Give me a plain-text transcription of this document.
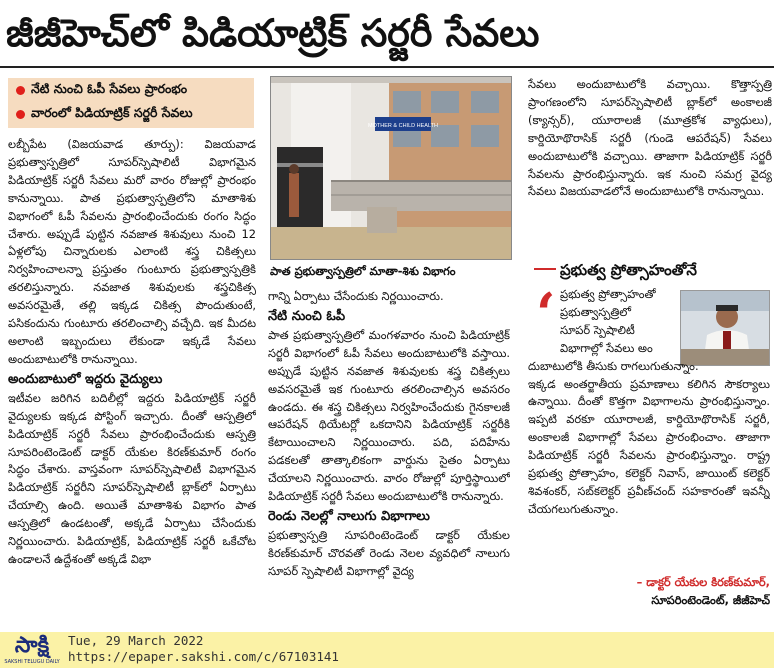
జీజీహెచ్‌లో పిడియాట్రిక్ సర్జరీ సేవలు
నేటి నుంచి ఓపీ సేవలు ప్రారంభం
వారంలో పిడియాట్రిక్ సర్జరీ సేవలు

లబ్బీపేట (విజయవాడ తూర్పు): విజయవాడ ప్రభుత్వాస్పత్రిలో సూపర్‌స్పెషాలిటీ విభాగమైన పిడియాట్రిక్ సర్జరీ సేవలు మరో వారం రోజుల్లో ప్రారంభం కానున్నాయి. పాత ప్రభుత్వాస్పత్రిలోని మాతాశిశు విభాగంలో ఓపీ సేవలను ప్రారంభించేందుకు రంగం సిద్ధం చేశారు. అప్పుడే పుట్టిన నవజాత శిశువులు నుంచి 12 ఏళ్లలోపు చిన్నారులకు ఎలాంటి శస్త్ర చికిత్సలు నిర్వహించాలన్నా ప్రస్తుతం గుంటూరు ప్రభుత్వాస్పత్రికి తరలిస్తున్నారు. నవజాత శిశువులకు శస్త్రచికిత్స అవసరమైతే, తల్లి ఇక్కడ చికిత్స పొందుతుంటే, పసికందును గుంటూరు తరలించాల్సి వచ్చేది. ఇక మీదట అలాంటి ఇబ్బందులు లేకుండా ఇక్కడే సేవలు అందుబాటులోకి రానున్నాయి.

అందుబాటులో ఇద్దరు వైద్యులు

ఇటీవల జరిగిన బదిలీల్లో ఇద్దరు పిడియాట్రిక్ సర్జరీ వైద్యులకు ఇక్కడ పోస్టింగ్ ఇచ్చారు. దీంతో ఆస్పత్రిలో పిడియాట్రిక్ సర్జరీ సేవలు ప్రారంభించేందుకు ఆస్పత్రి సూపరింటెండెంట్ డాక్టర్ యేకుల కిరణ్‌కుమార్ రంగం సిద్ధం చేశారు. వాస్తవంగా సూపర్‌స్పెషాలిటీ విభాగమైన పిడియాట్రిక్ సర్జరీని సూపర్‌స్పెషాలిటీ బ్లాక్‌లో ఏర్పాటు చేయాల్సి ఉంది. అయితే మాతాశిశు విభాగం పాత ఆస్పత్రిలో ఉండటంతో, అక్కడే ఏర్పాటు చేసేందుకు నిర్ణయించారు. పిడియాట్రిక్, పిడియాట్రిక్ సర్జరీ ఒకేచోట ఉండాలనే ఉద్దేశంతో అక్కడే విభా

MOTHER & CHILD HEALTH
పాత ప్రభుత్వాస్పత్రిలో మాతా-శిశు విభాగం

గాన్ని ఏర్పాటు చేసేందుకు నిర్ణయించారు.

నేటి నుంచి ఓపీ

పాత ప్రభుత్వాస్పత్రిలో మంగళవారం నుంచి పిడియాట్రిక్ సర్జరీ విభాగంలో ఓపీ సేవలు అందుబాటులోకి వస్తాయి. అప్పుడే పుట్టిన నవజాత శిశువులకు శస్త్ర చికిత్సలు అవసరమైతే ఇక గుంటూరు తరలించాల్సిన అవసరం ఉండదు. ఈ శస్త్ర చికిత్సలు నిర్వహించేందుకు గైనకాలజీ ఆపరేషన్ థియేటర్లో ఒకదానిని పిడియాట్రిక్ సర్జరీకి కేటాయించాలని నిర్ణయించారు. పది, పదిహేను పడకలతో తాత్కాలికంగా వార్డును సైతం ఏర్పాటు చేయాలని నిర్ణయించారు. వారం రోజుల్లో పూర్తిస్థాయిలో పిడియాట్రిక్ సర్జరీ సేవలు అందుబాటులోకి రానున్నారు.

రెండు నెలల్లో నాలుగు విభాగాలు

ప్రభుత్వాస్పత్రి సూపరింటెండెంట్ డాక్టర్ యేకుల కిరణ్‌కుమార్ చొరవతో రెండు నెలల వ్యవధిలో నాలుగు సూపర్ స్పెషాలిటీ విభాగాల్లో వైద్య

సేవలు అందుబాటులోకి వచ్చాయి. కొత్తాస్పత్రి ప్రాంగణంలోని సూపర్‌స్పెషాలిటీ బ్లాక్‌లో అంకాలజీ (క్యాన్సర్), యూరాలజీ (మూత్రకోశ వ్యాధులు), కార్డియోథొరాసిక్ సర్జరీ (గుండె ఆపరేషన్) సేవలు అందుబాటులోకి వచ్చాయి. తాజాగా పిడియాట్రిక్ సర్జరీ సేవలను ప్రారంభిస్తున్నారు. ఇక నుంచి సమగ్ర వైద్య సేవలు విజయవాడలోనే అందుబాటులోకి రానున్నాయి.

ప్రభుత్వ ప్రోత్సాహంతోనే
‘ ప్రభుత్వ ప్రోత్సాహంతో
ప్రభుత్వాస్పత్రిలో
సూపర్ స్పెషాలిటీ
విభాగాల్లో సేవలు అం
దుబాటులోకి తీసుకు రాగలుగుతున్నాం.
ఇక్కడ అంతర్జాతీయ ప్రమాణాలు కలిగిన సౌకర్యాలు ఉన్నాయి. దీంతో కొత్తగా విభాగాలను ప్రారంభిస్తున్నాం. ఇప్పటి వరకూ యూరాలజీ, కార్డియోథొరాసిక్ సర్జరీ, అంకాలజీ విభాగాల్లో సేవలు ప్రారంభించాం. తాజాగా పిడియాట్రిక్ సర్జరీ సేవలను ప్రారంభిస్తున్నాం. రాష్ట్ర ప్రభుత్వ ప్రోత్సాహం, కలెక్టర్ నివాస్, జాయింట్ కలెక్టర్ శివశంకర్, సబ్‌కలెక్టర్ ప్రవీణ్‌చంద్ సహకారంతో ఇవన్నీ చేయగలుగుతున్నాం.
– డాక్టర్ యేకుల కిరణ్‌కుమార్,
సూపరింటెండెంట్, జీజీహెచ్
సాక్షి
SAKSHI TELUGU DAILY
Tue, 29 March 2022
https://epaper.sakshi.com/c/67103141
